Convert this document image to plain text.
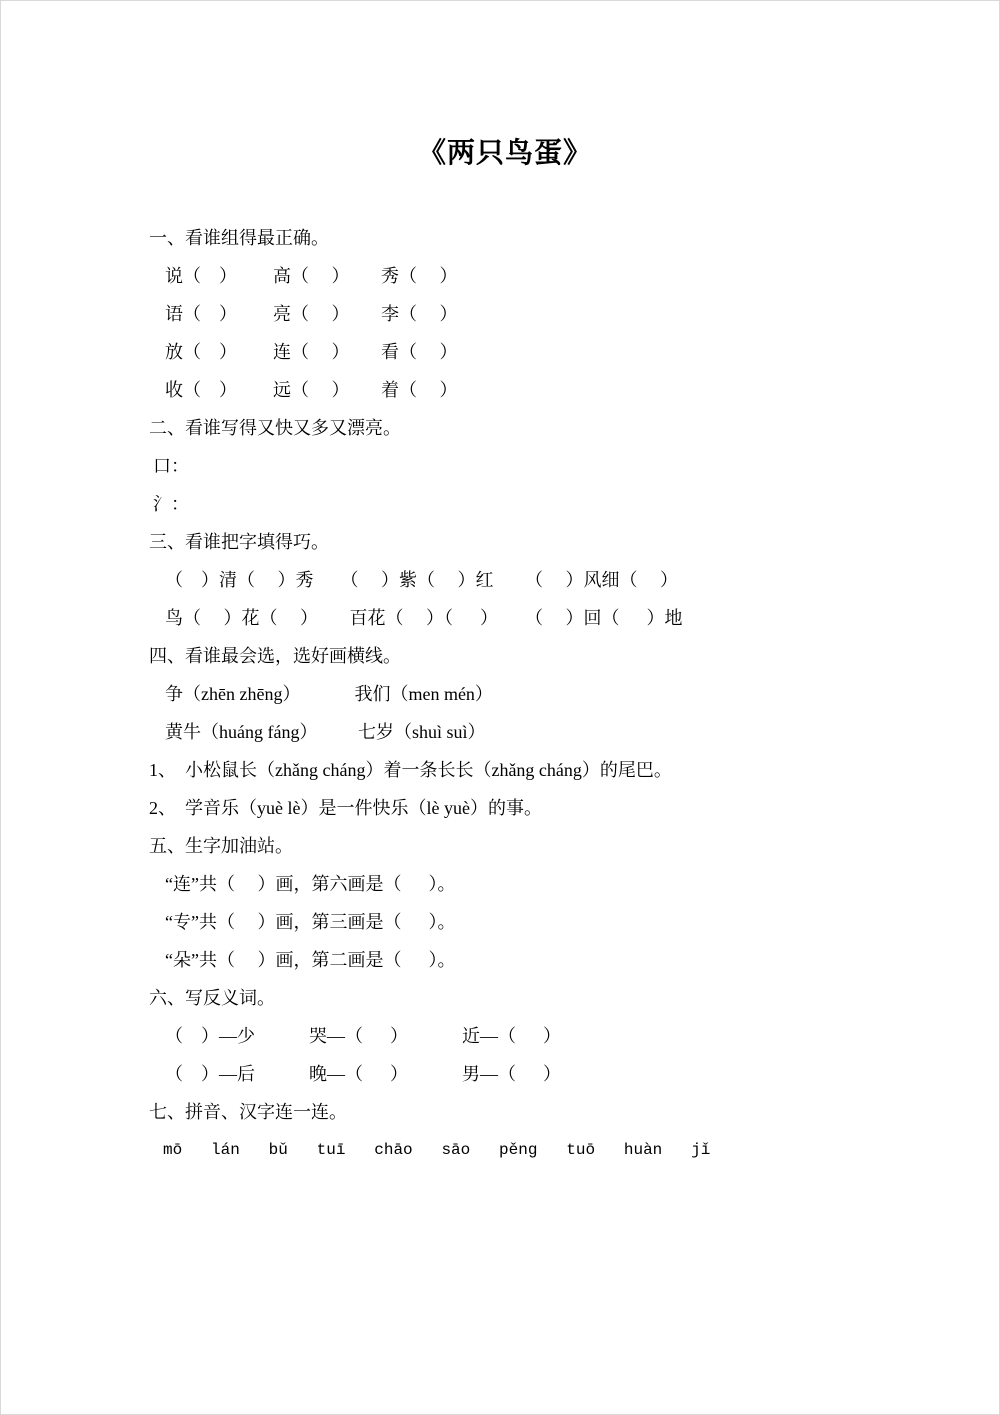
《两只鸟蛋》
一、看谁组得最正确。
说（    ）        高（     ）       秀（     ）
语（    ）        亮（     ）       李（     ）
放（    ）        连（     ）       看（     ）
收（    ）        远（     ）       着（     ）
二、看谁写得又快又多又漂亮。
口：
氵：
三、看谁把字填得巧。
（    ）清（     ）秀      （     ）紫（     ）红       （     ）风细（     ）
鸟（     ）花（     ）       百花（     ）（      ）      （     ）回（      ）地
四、看谁最会选，选好画横线。
争（zhēn zhēng）            我们（men mén）
黄牛（huáng fáng）         七岁（shuì suì）
1、  小松鼠长（zhǎng cháng）着一条长长（zhǎng cháng）的尾巴。
2、  学音乐（yuè lè）是一件快乐（lè yuè）的事。
五、生字加油站。
“连”共（     ）画，第六画是（      ）。
“专”共（     ）画，第三画是（      ）。
“朵”共（     ）画，第二画是（      ）。
六、写反义词。
（    ）—少            哭—（      ）            近—（      ）
（    ）—后            晚—（      ）            男—（      ）
七、拼音、汉字连一连。
mō   lán   bǔ   tuī   chāo   sāo   pěng   tuō   huàn   jǐ
